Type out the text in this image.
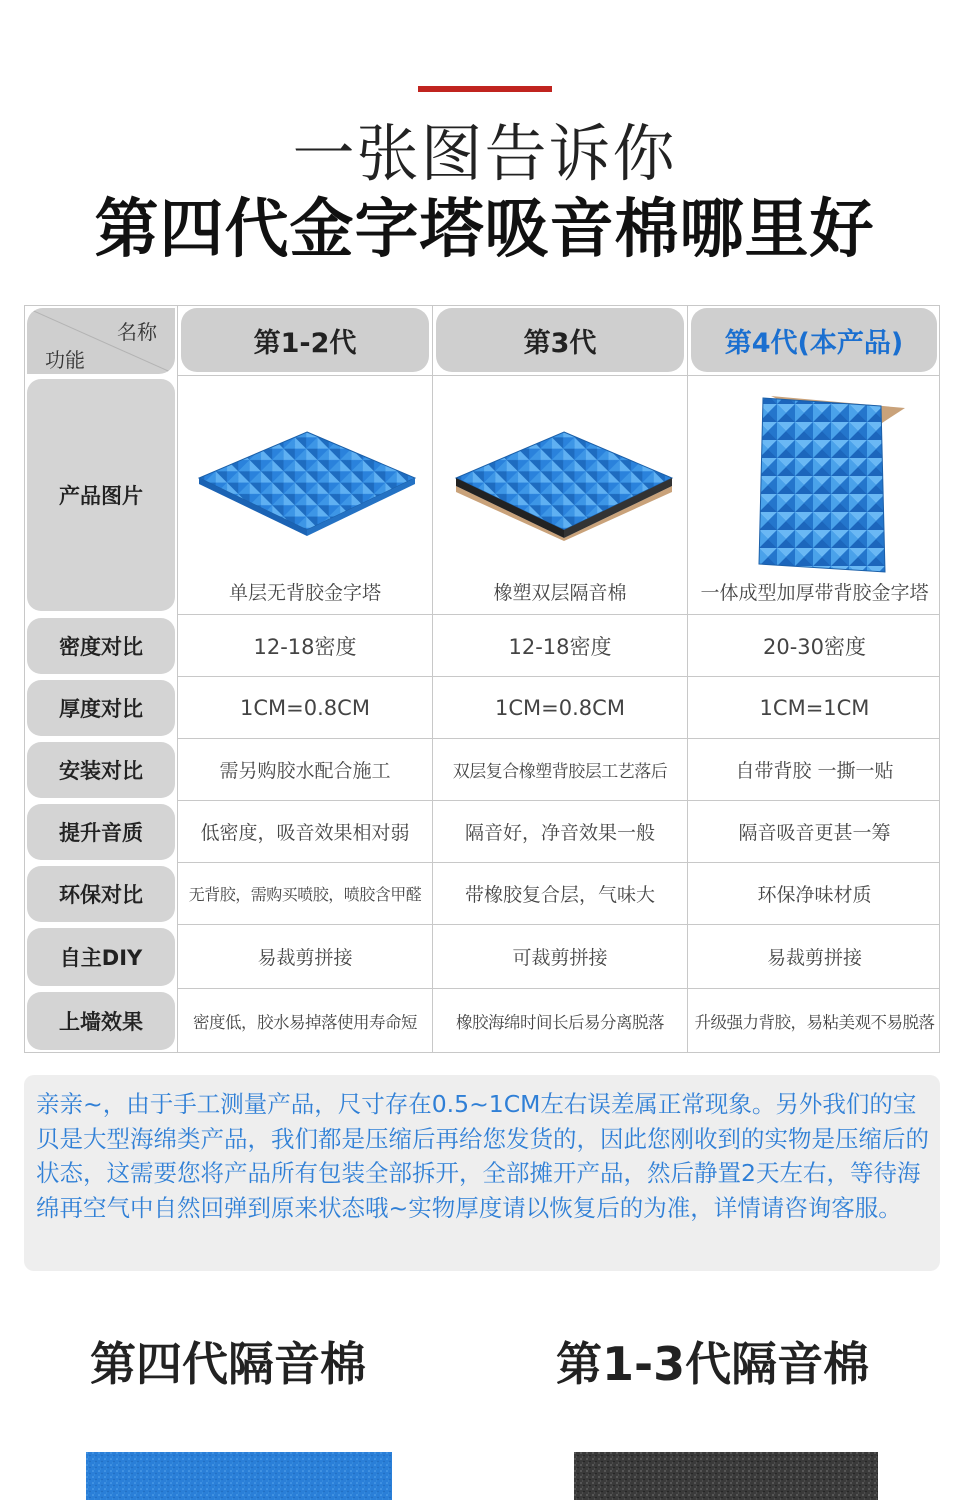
一张图告诉你
第四代金字塔吸音棉哪里好
名称
功能
第1-2代	第3代	第4代(本产品)
产品图片
单层无背胶金字塔	橡塑双层隔音棉	一体成型加厚带背胶金字塔
密度对比	12-18密度	12-18密度	20-30密度
厚度对比	1CM=0.8CM	1CM=0.8CM	1CM=1CM
安装对比	需另购胶水配合施工	双层复合橡塑背胶层工艺落后	自带背胶 一撕一贴
提升音质	低密度，吸音效果相对弱	隔音好，净音效果一般	隔音吸音更甚一筹
环保对比	无背胶，需购买喷胶，喷胶含甲醛	带橡胶复合层，气味大	环保净味材质
自主DIY	易裁剪拼接	可裁剪拼接	易裁剪拼接
上墙效果	密度低，胶水易掉落使用寿命短	橡胶海绵时间长后易分离脱落	升级强力背胶，易粘美观不易脱落
亲亲~，由于手工测量产品，尺寸存在0.5~1CM左右误差属正常现象。另外我们的宝贝是大型海绵类产品，我们都是压缩后再给您发货的，因此您刚收到的实物是压缩后的状态，这需要您将产品所有包装全部拆开，全部摊开产品，然后静置2天左右，等待海绵再空气中自然回弹到原来状态哦~实物厚度请以恢复后的为准，详情请咨询客服。
第四代隔音棉	第1-3代隔音棉
